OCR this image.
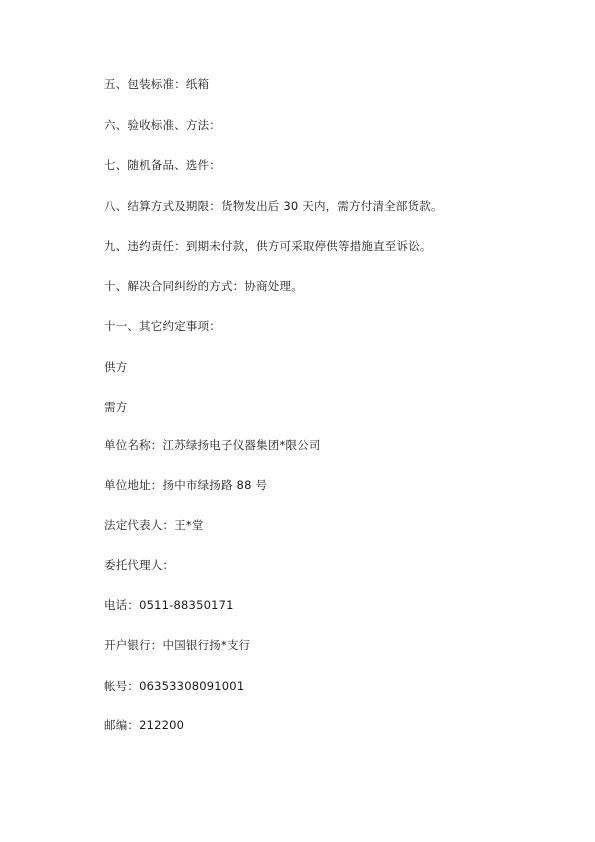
五、包装标准：纸箱
六、验收标准、方法：
七、随机备品、选件：
八、结算方式及期限：货物发出后 30 天内，需方付清全部货款。
九、违约责任：到期未付款，供方可采取停供等措施直至诉讼。
十、解决合同纠纷的方式：协商处理。
十一、其它约定事项：
供方
需方
单位名称：江苏绿扬电子仪器集团*限公司
单位地址：扬中市绿扬路 88 号
法定代表人：王*堂
委托代理人：
电话：0511-88350171
开户银行：中国银行扬*支行
帐号：06353308091001
邮编：212200
